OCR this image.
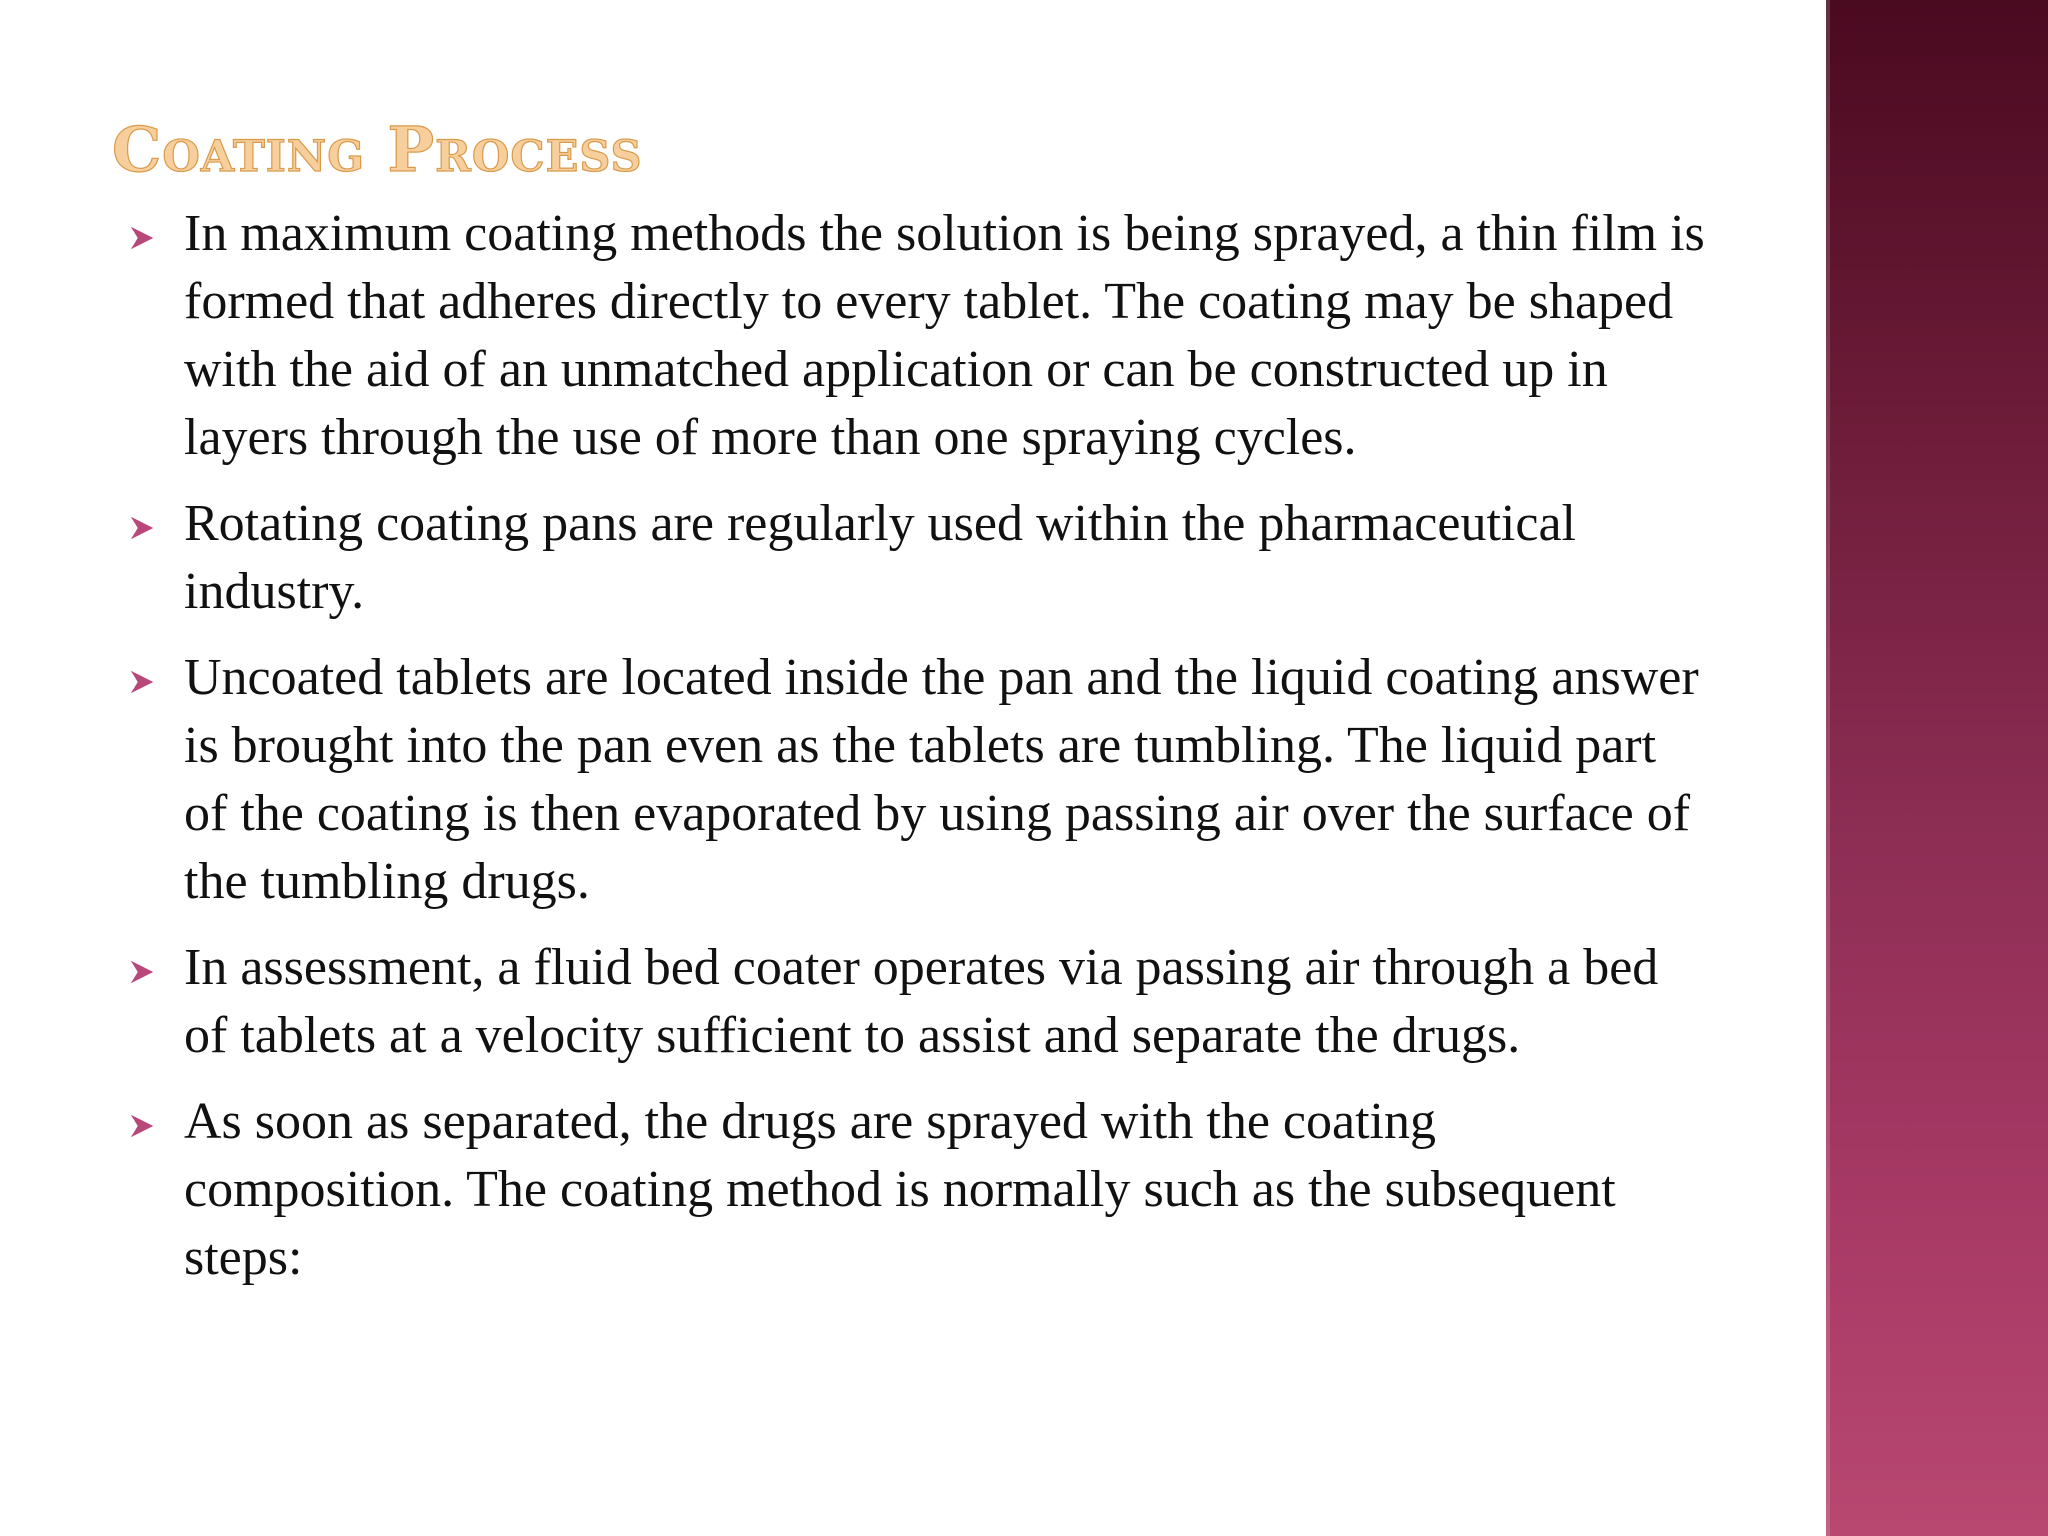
Coating Process
In maximum coating methods the solution is being sprayed, a thin film is formed that adheres directly to every tablet. The coating may be shaped with the aid of an unmatched application or can be constructed up in layers through the use of more than one spraying cycles.
Rotating coating pans are regularly used within the pharmaceutical industry.
Uncoated tablets are located inside the pan and the liquid coating answer is brought into the pan even as the tablets are tumbling. The liquid part of the coating is then evaporated by using passing air over the surface of the tumbling drugs.
In assessment, a fluid bed coater operates via passing air through a bed of tablets at a velocity sufficient to assist and separate the drugs.
As soon as separated, the drugs are sprayed with the coating composition. The coating method is normally such as the subsequent steps:
